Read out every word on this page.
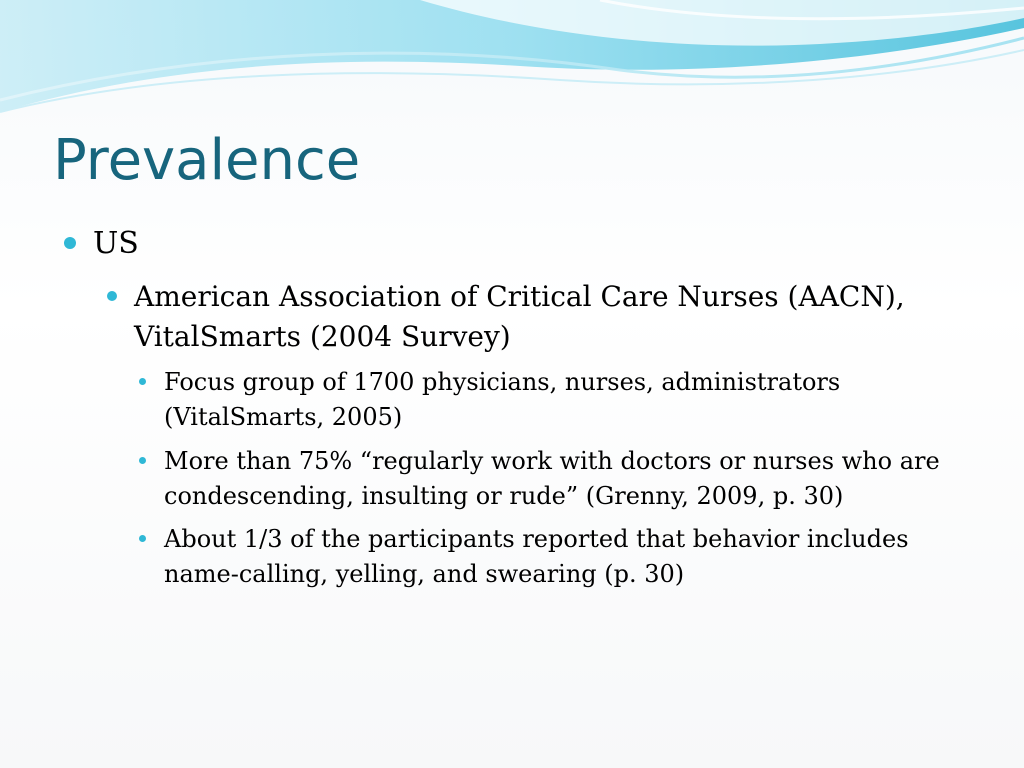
Prevalence
US
American Association of Critical Care Nurses (AACN), VitalSmarts (2004 Survey)
Focus group of 1700 physicians, nurses, administrators (VitalSmarts, 2005)
More than 75% “regularly work with doctors or nurses who are condescending, insulting or rude” (Grenny, 2009, p. 30)
About 1/3 of the participants reported that behavior includes name-calling, yelling, and swearing (p. 30)
